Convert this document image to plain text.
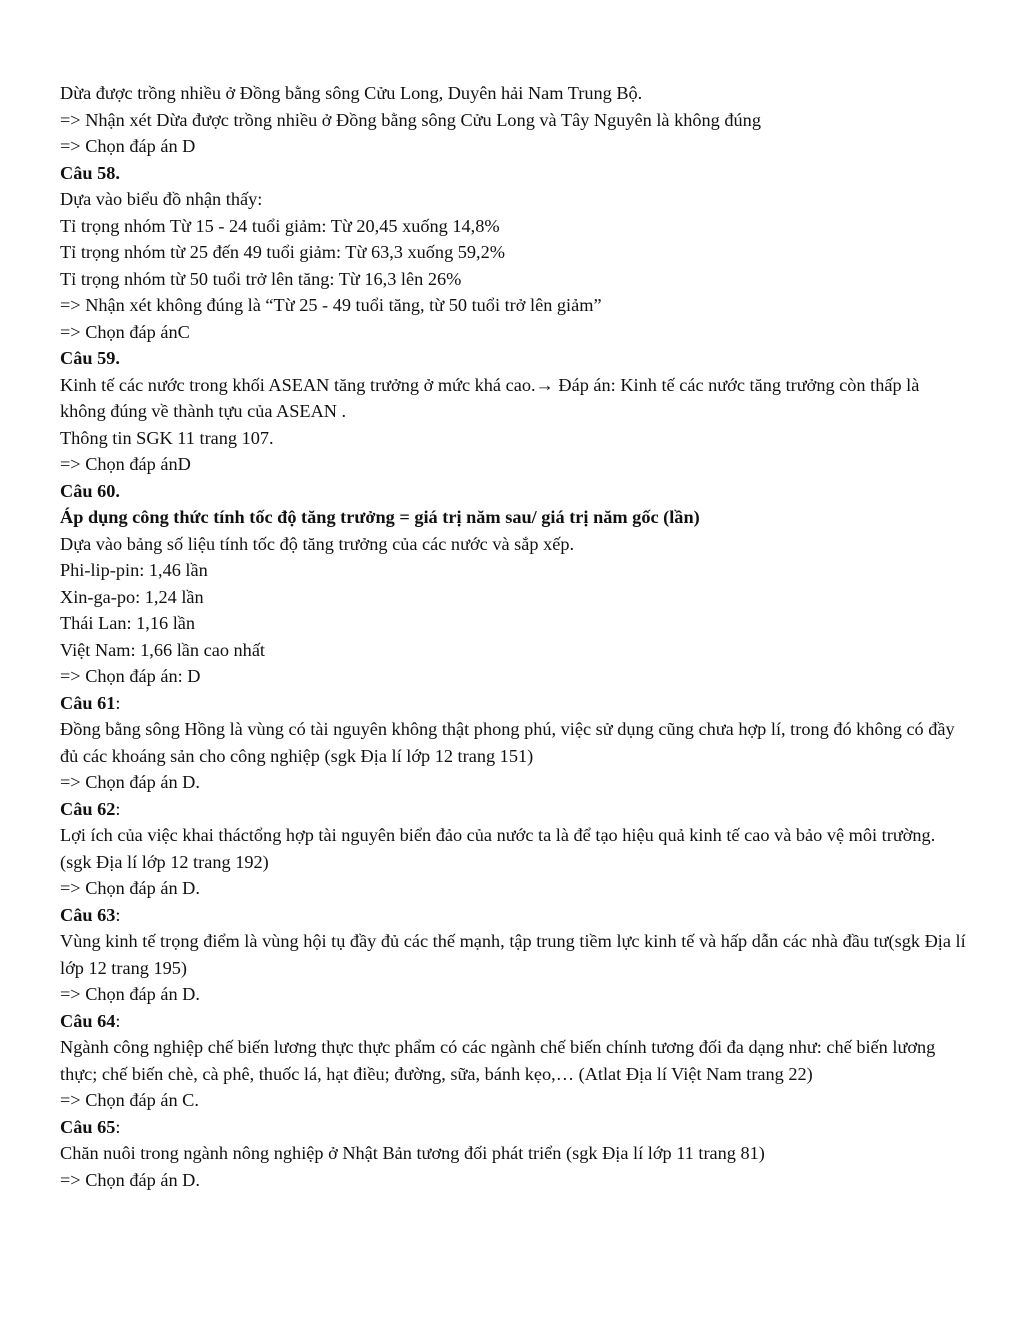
Dừa được trồng nhiều ở Đồng bằng sông Cửu Long, Duyên hải Nam Trung Bộ.

=> Nhận xét Dừa được trồng nhiều ở Đồng bằng sông Cửu Long và Tây Nguyên là không đúng

=> Chọn đáp án D

Câu 58.

Dựa vào biểu đồ nhận thấy:

Tỉ trọng nhóm Từ 15 - 24 tuổi giảm: Từ 20,45 xuống 14,8%

Tỉ trọng nhóm từ 25 đến 49 tuổi giảm: Từ 63,3 xuống 59,2%

Tỉ trọng nhóm từ 50 tuổi trở lên tăng: Từ 16,3 lên 26%

=> Nhận xét không đúng là “Từ 25 - 49 tuổi tăng, từ 50 tuổi trở lên giảm”

=> Chọn đáp ánC

Câu 59.

Kinh tế các nước trong khối ASEAN tăng trưởng ở mức khá cao.→ Đáp án: Kinh tế các nước tăng trưởng còn thấp là không đúng về thành tựu của ASEAN .

Thông tin SGK 11 trang 107.

=> Chọn đáp ánD

Câu 60.

Áp dụng công thức tính tốc độ tăng trưởng = giá trị năm sau/ giá trị năm gốc (lần)

Dựa vào bảng số liệu tính tốc độ tăng trưởng của các nước và sắp xếp.

Phi-lip-pin: 1,46 lần

Xin-ga-po: 1,24 lần

Thái Lan: 1,16 lần

Việt Nam: 1,66 lần cao nhất

=> Chọn đáp án: D

Câu 61:

Đồng bằng sông Hồng là vùng có tài nguyên không thật phong phú, việc sử dụng cũng chưa hợp lí, trong đó không có đầy đủ các khoáng sản cho công nghiệp (sgk Địa lí lớp 12 trang 151)

=> Chọn đáp án D.

Câu 62:

Lợi ích của việc khai tháctổng hợp tài nguyên biển đảo của nước ta là để tạo hiệu quả kinh tế cao và bảo vệ môi trường. (sgk Địa lí lớp 12 trang 192)

=> Chọn đáp án D.

Câu 63:

Vùng kinh tế trọng điểm là vùng hội tụ đầy đủ các thế mạnh, tập trung tiềm lực kinh tế và hấp dẫn các nhà đầu tư(sgk Địa lí lớp 12 trang 195)

=> Chọn đáp án D.

Câu 64:

Ngành công nghiệp chế biến lương thực thực phẩm có các ngành chế biến chính tương đối đa dạng như: chế biến lương thực; chế biến chè, cà phê, thuốc lá, hạt điều; đường, sữa, bánh kẹo,… (Atlat Địa lí Việt Nam trang 22)

=> Chọn đáp án C.

Câu 65:

Chăn nuôi trong ngành nông nghiệp ở Nhật Bản tương đối phát triển (sgk Địa lí lớp 11 trang 81)

=> Chọn đáp án D.
